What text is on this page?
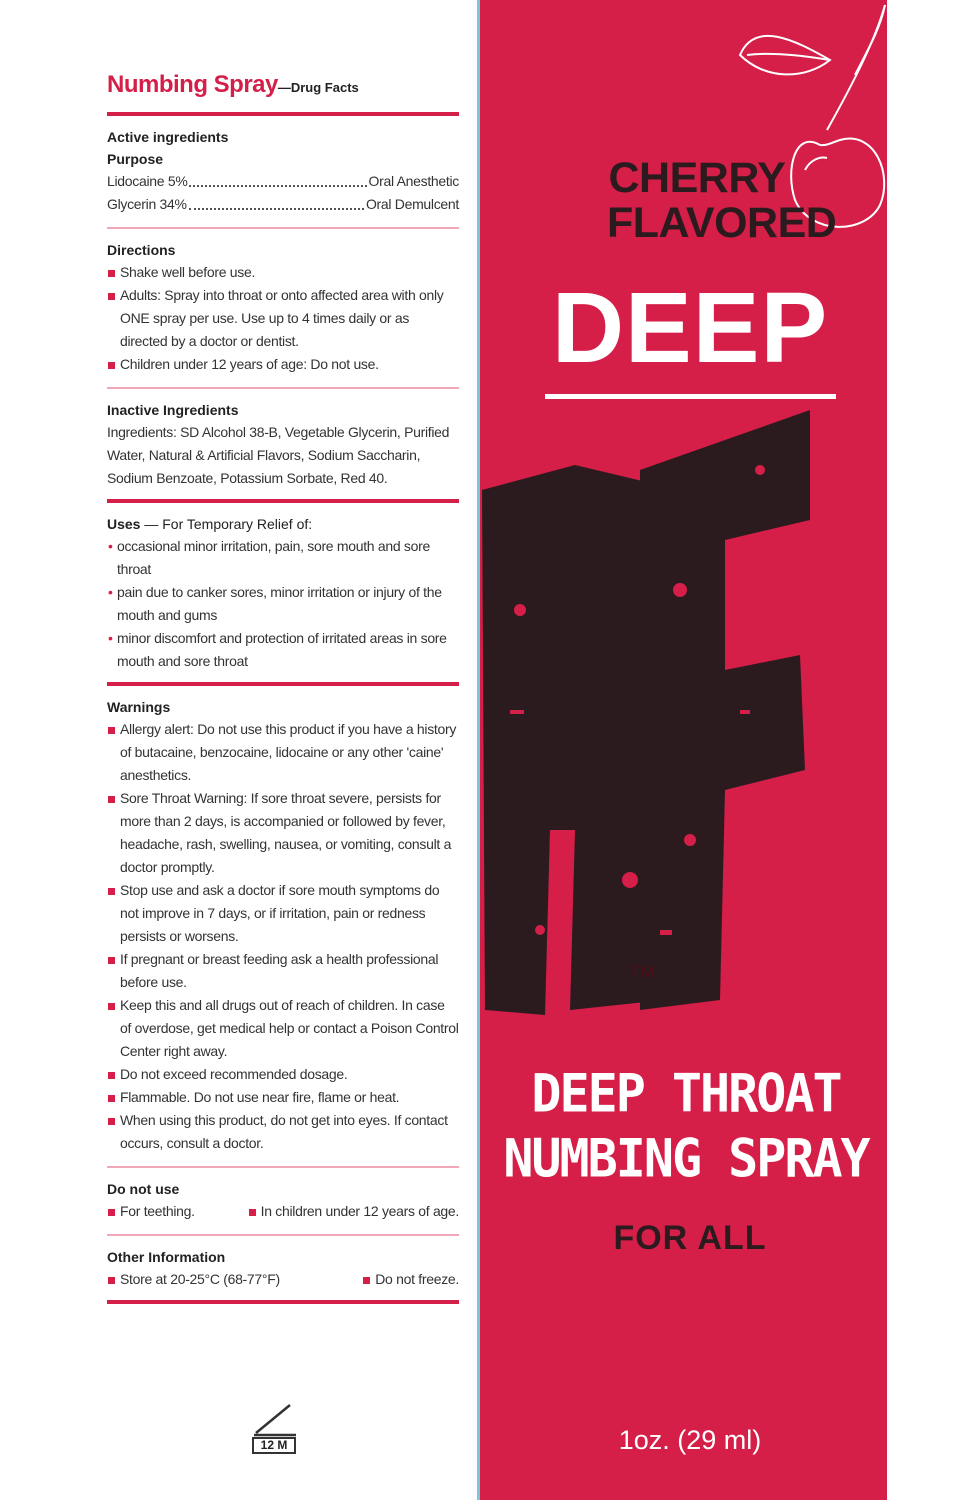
Numbing Spray—Drug Facts
Active ingredients
Purpose
Lidocaine 5%	Oral Anesthetic
Glycerin 34%	Oral Demulcent
Directions
Shake well before use.
Adults: Spray into throat or onto affected area with only ONE spray per use. Use up to 4 times daily or as directed by a doctor or dentist.
Children under 12 years of age: Do not use.
Inactive Ingredients
Ingredients: SD Alcohol 38-B, Vegetable Glycerin, Purified Water, Natural & Artificial Flavors, Sodium Saccharin, Sodium Benzoate, Potassium Sorbate, Red 40.
Uses — For Temporary Relief of:
• occasional minor irritation, pain, sore mouth and sore throat
• pain due to canker sores, minor irritation or injury of the mouth and gums
• minor discomfort and protection of irritated areas in sore mouth and sore throat
Warnings
Allergy alert: Do not use this product if you have a history of butacaine, benzocaine, lidocaine or any other 'caine' anesthetics.
Sore Throat Warning: If sore throat severe, persists for more than 2 days, is accompanied or followed by fever, headache, rash, swelling, nausea, or vomiting, consult a doctor promptly.
Stop use and ask a doctor if sore mouth symptoms do not improve in 7 days, or if irritation, pain or redness persists or worsens.
If pregnant or breast feeding ask a health professional before use.
Keep this and all drugs out of reach of children. In case of overdose, get medical help or contact a Poison Control Center right away.
Do not exceed recommended dosage.
Flammable. Do not use near fire, flame or heat.
When using this product, do not get into eyes. If contact occurs, consult a doctor.
Do not use
For teething.	In children under 12 years of age.
Other Information
Store at 20-25°C (68-77°F)	Do not freeze.
12 M
CHERRY
FLAVORED
DEEP
TM
DEEP THROAT
NUMBING SPRAY
FOR ALL
1oz. (29 ml)
